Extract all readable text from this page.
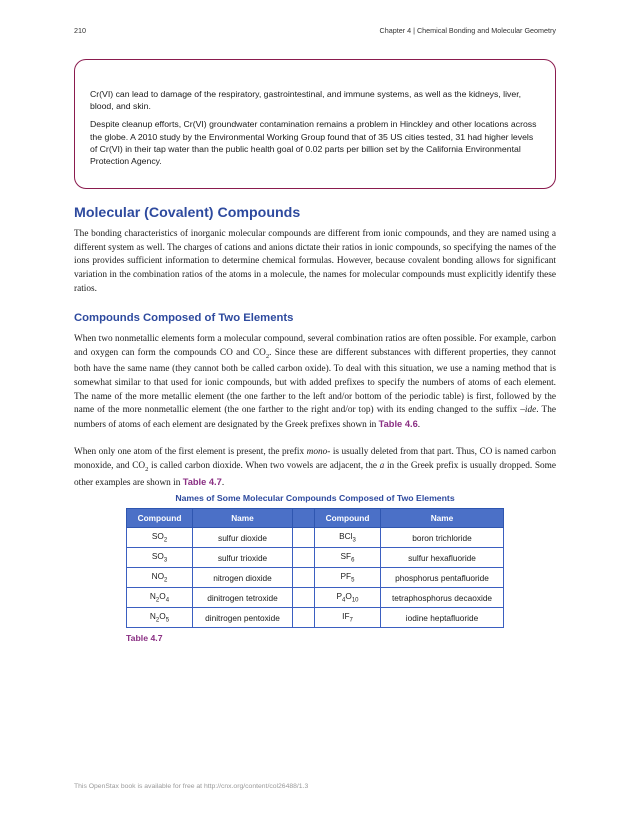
210	Chapter 4 | Chemical Bonding and Molecular Geometry

Cr(VI) can lead to damage of the respiratory, gastrointestinal, and immune systems, as well as the kidneys, liver, blood, and skin.

Despite cleanup efforts, Cr(VI) groundwater contamination remains a problem in Hinckley and other locations across the globe. A 2010 study by the Environmental Working Group found that of 35 US cities tested, 31 had higher levels of Cr(VI) in their tap water than the public health goal of 0.02 parts per billion set by the California Environmental Protection Agency.

Molecular (Covalent) Compounds

The bonding characteristics of inorganic molecular compounds are different from ionic compounds, and they are named using a different system as well. The charges of cations and anions dictate their ratios in ionic compounds, so specifying the names of the ions provides sufficient information to determine chemical formulas. However, because covalent bonding allows for significant variation in the combination ratios of the atoms in a molecule, the names for molecular compounds must explicitly identify these ratios.

Compounds Composed of Two Elements

When two nonmetallic elements form a molecular compound, several combination ratios are often possible. For example, carbon and oxygen can form the compounds CO and $CO_2$. Since these are different substances with different properties, they cannot both have the same name (they cannot both be called carbon oxide). To deal with this situation, we use a naming method that is somewhat similar to that used for ionic compounds, but with added prefixes to specify the numbers of atoms of each element. The name of the more metallic element (the one farther to the left and/or bottom of the periodic table) is first, followed by the name of the more nonmetallic element (the one farther to the right and/or top) with its ending changed to the suffix –ide. The numbers of atoms of each element are designated by the Greek prefixes shown in Table 4.6.

When only one atom of the first element is present, the prefix mono- is usually deleted from that part. Thus, CO is named carbon monoxide, and $CO_2$ is called carbon dioxide. When two vowels are adjacent, the a in the Greek prefix is usually dropped. Some other examples are shown in Table 4.7.

Names of Some Molecular Compounds Composed of Two Elements
Compound	Name		Compound	Name
$SO_2$	sulfur dioxide		BCl$_3$	boron trichloride
$SO_3$	sulfur trioxide		$SF_6$	sulfur hexafluoride
$NO_2$	nitrogen dioxide		$PF_5$	phosphorus pentafluoride
$N_2O_4$	dinitrogen tetroxide		$P_4O_{10}$	tetraphosphorus decaoxide
$N_2O_5$	dinitrogen pentoxide		$IF_7$	iodine heptafluoride
Table 4.7
This OpenStax book is available for free at http://cnx.org/content/col26488/1.3
